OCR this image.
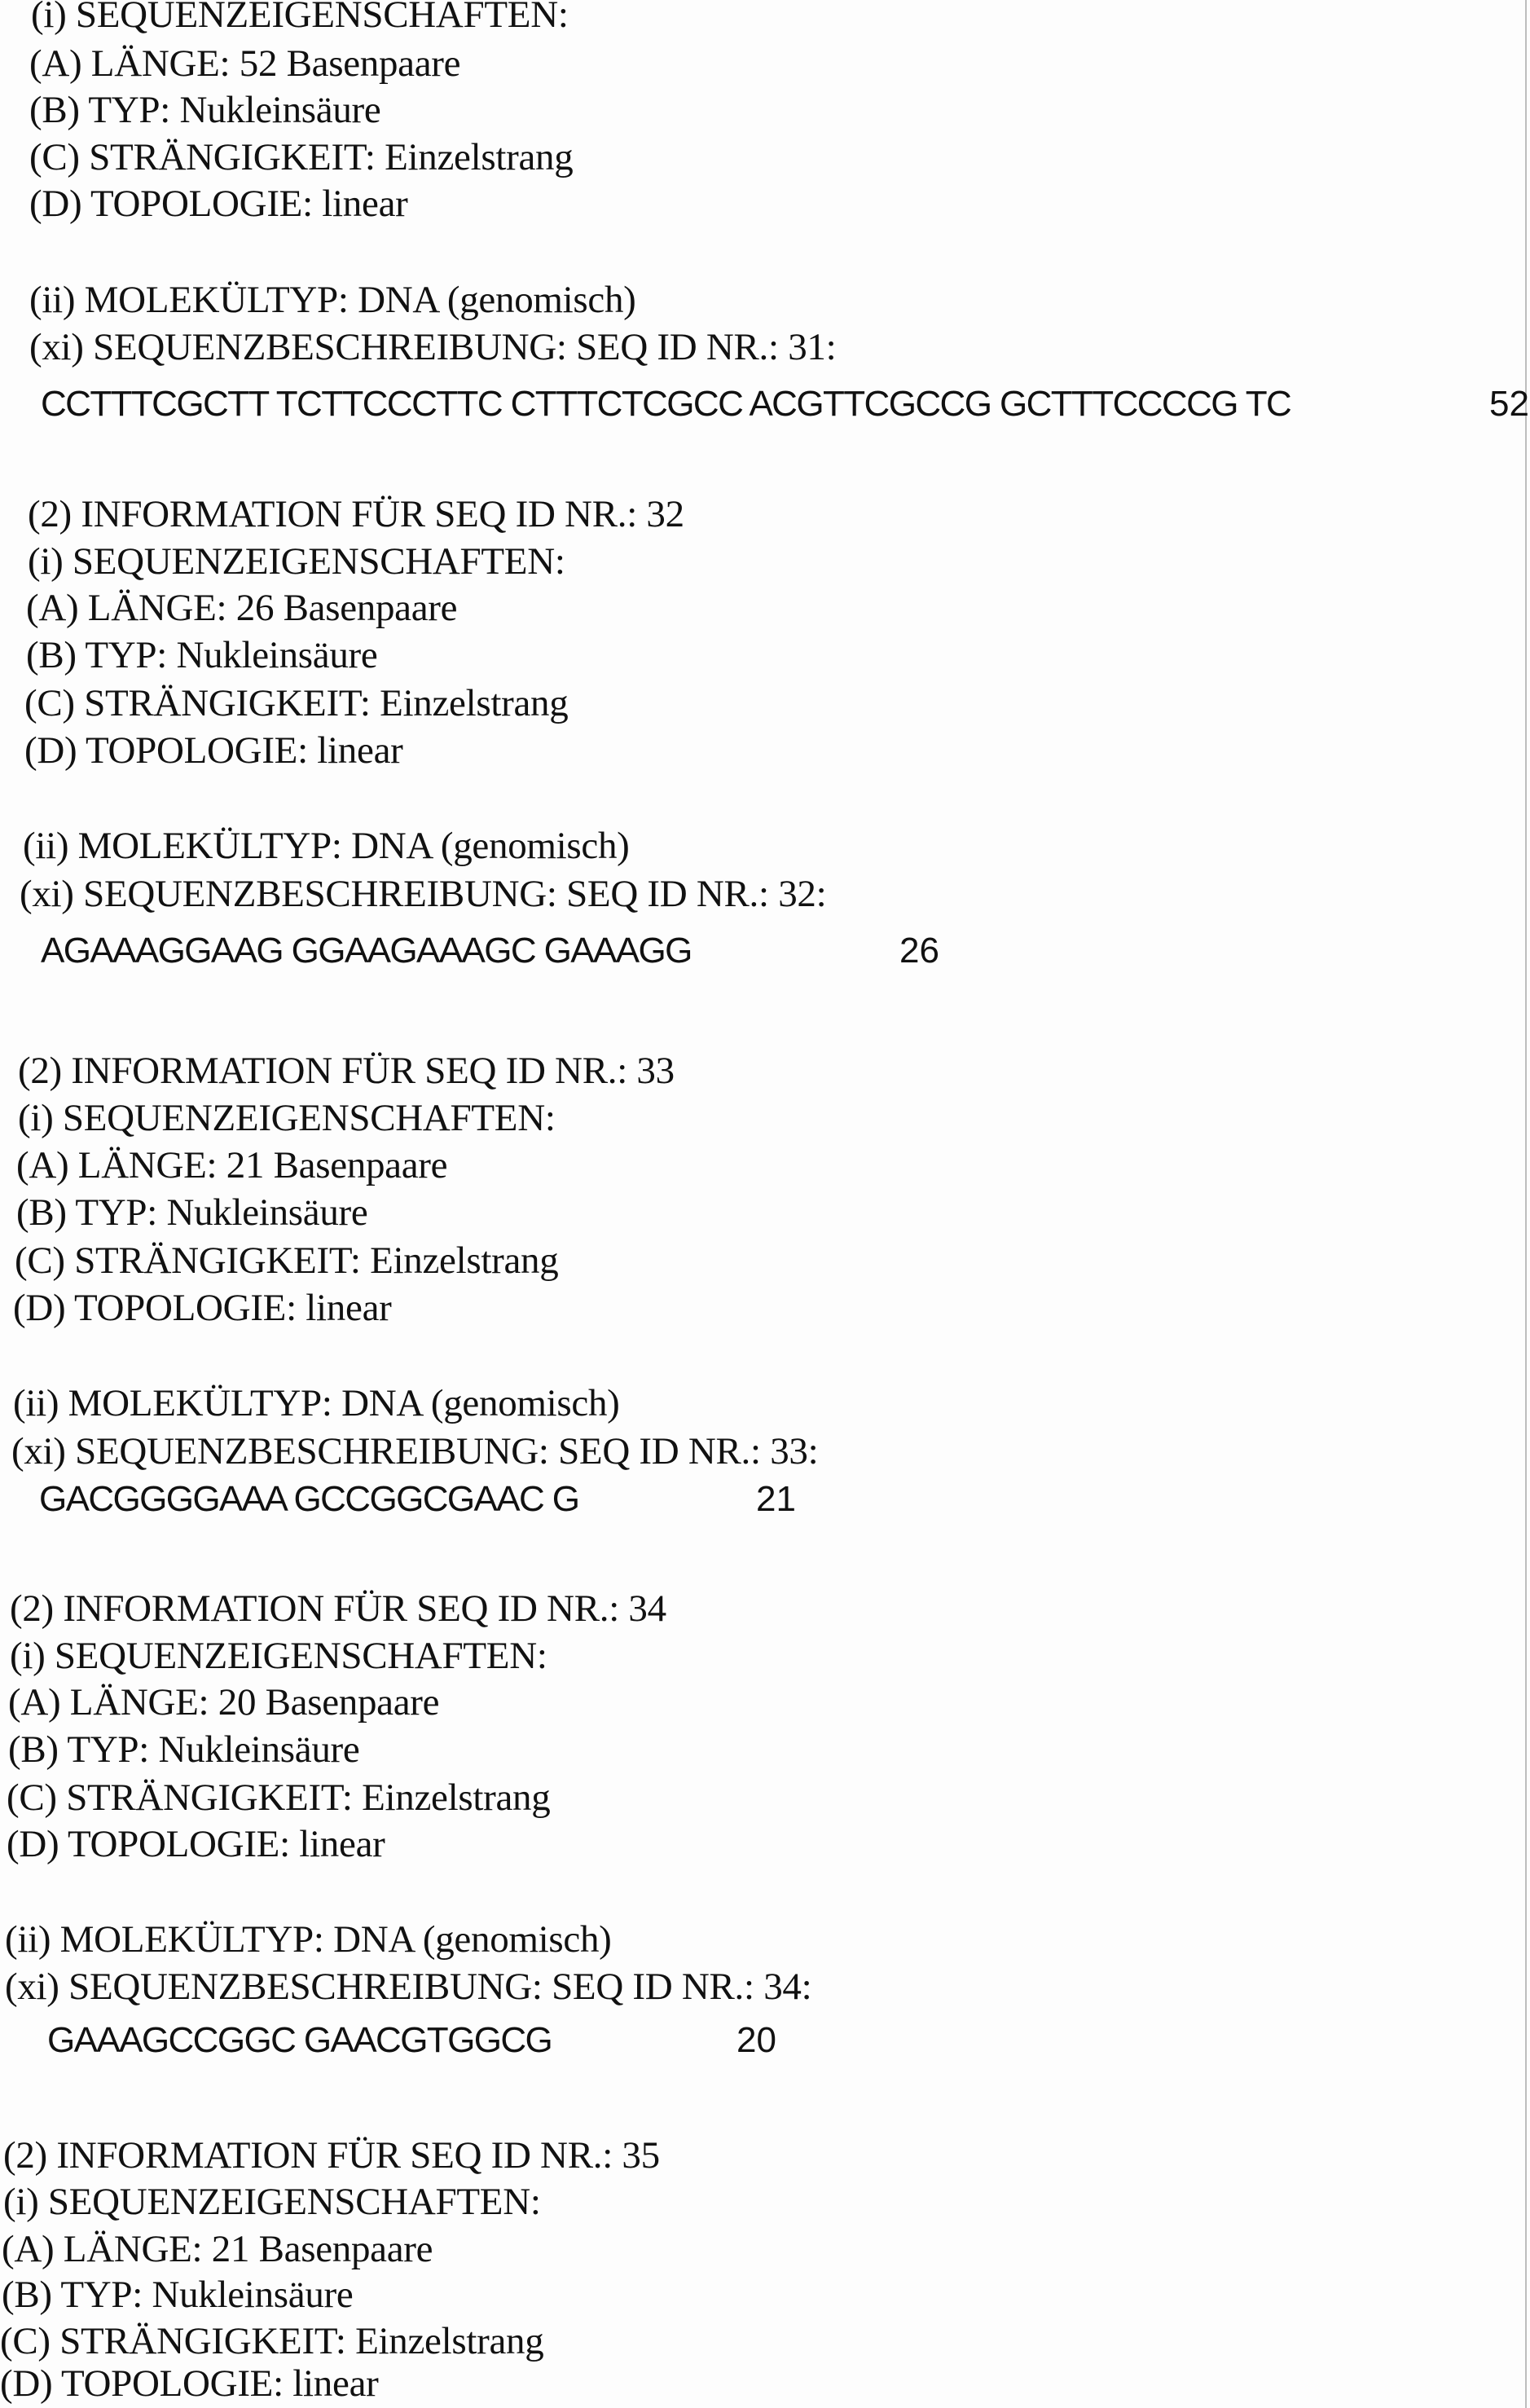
(i) SEQUENZEIGENSCHAFTEN:
(A) LÄNGE: 52 Basenpaare
(B) TYP: Nukleinsäure
(C) STRÄNGIGKEIT: Einzelstrang
(D) TOPOLOGIE: linear
(ii) MOLEKÜLTYP: DNA (genomisch)
(xi) SEQUENZBESCHREIBUNG: SEQ ID NR.: 31:
CCTTTCGCTT TCTTCCCTTC CTTTCTCGCC ACGTTCGCCG GCTTTCCCCG TC	52
(2) INFORMATION FÜR SEQ ID NR.: 32
(i) SEQUENZEIGENSCHAFTEN:
(A) LÄNGE: 26 Basenpaare
(B) TYP: Nukleinsäure
(C) STRÄNGIGKEIT: Einzelstrang
(D) TOPOLOGIE: linear
(ii) MOLEKÜLTYP: DNA (genomisch)
(xi) SEQUENZBESCHREIBUNG: SEQ ID NR.: 32:
AGAAAGGAAG GGAAGAAAGC GAAAGG	26
(2) INFORMATION FÜR SEQ ID NR.: 33
(i) SEQUENZEIGENSCHAFTEN:
(A) LÄNGE: 21 Basenpaare
(B) TYP: Nukleinsäure
(C) STRÄNGIGKEIT: Einzelstrang
(D) TOPOLOGIE: linear
(ii) MOLEKÜLTYP: DNA (genomisch)
(xi) SEQUENZBESCHREIBUNG: SEQ ID NR.: 33:
GACGGGGAAA GCCGGCGAAC G	21
(2) INFORMATION FÜR SEQ ID NR.: 34
(i) SEQUENZEIGENSCHAFTEN:
(A) LÄNGE: 20 Basenpaare
(B) TYP: Nukleinsäure
(C) STRÄNGIGKEIT: Einzelstrang
(D) TOPOLOGIE: linear
(ii) MOLEKÜLTYP: DNA (genomisch)
(xi) SEQUENZBESCHREIBUNG: SEQ ID NR.: 34:
GAAAGCCGGC GAACGTGGCG	20
(2) INFORMATION FÜR SEQ ID NR.: 35
(i) SEQUENZEIGENSCHAFTEN:
(A) LÄNGE: 21 Basenpaare
(B) TYP: Nukleinsäure
(C) STRÄNGIGKEIT: Einzelstrang
(D) TOPOLOGIE: linear
